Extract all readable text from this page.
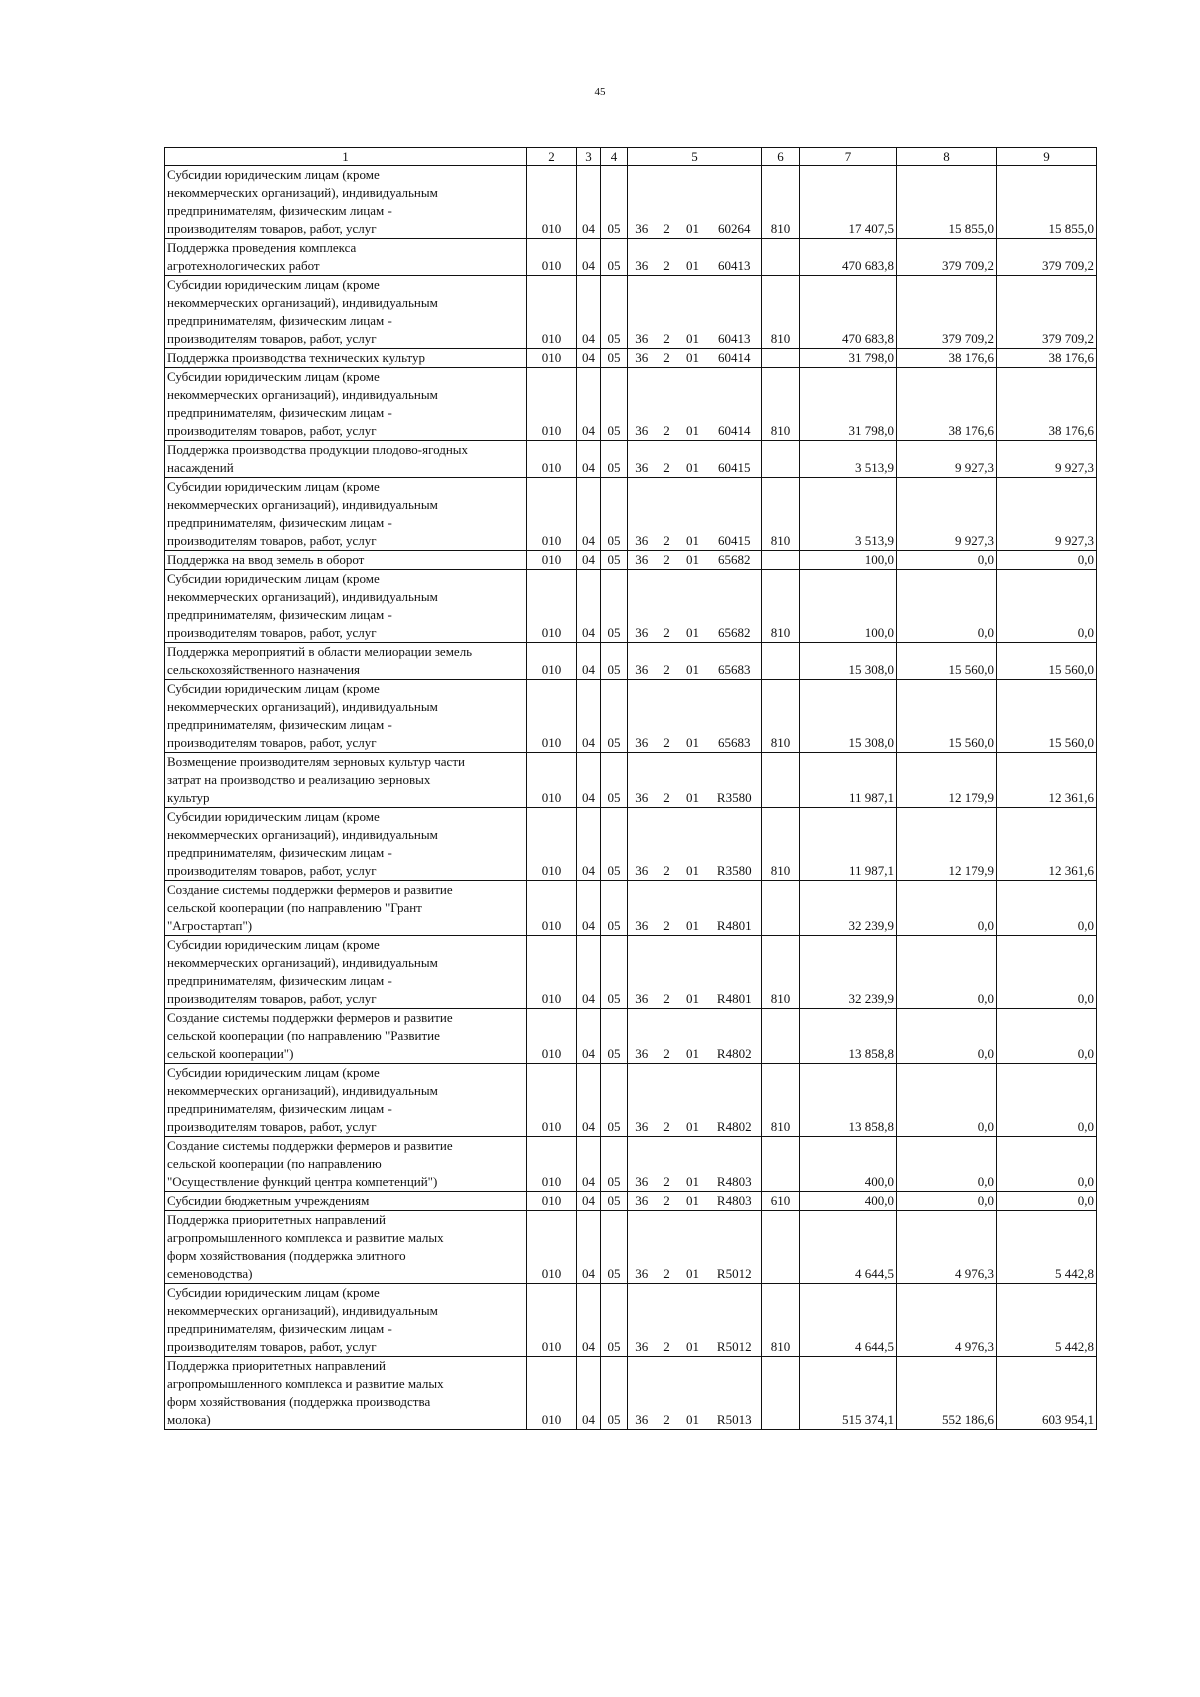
45
1	2	3	4	5				6	7	8	9

Субсидии юридическим лицам (кроме
некоммерческих организаций), индивидуальным
предпринимателям, физическим лицам -
производителям товаров, работ, услуг	010	04	05	36	2	01	60264	810	17 407,5	15 855,0	15 855,0

Поддержка проведения комплекса
агротехнологических работ	010	04	05	36	2	01	60413		470 683,8	379 709,2	379 709,2

Субсидии юридическим лицам (кроме
некоммерческих организаций), индивидуальным
предпринимателям, физическим лицам -
производителям товаров, работ, услуг	010	04	05	36	2	01	60413	810	470 683,8	379 709,2	379 709,2

Поддержка производства технических культур	010	04	05	36	2	01	60414		31 798,0	38 176,6	38 176,6

Субсидии юридическим лицам (кроме
некоммерческих организаций), индивидуальным
предпринимателям, физическим лицам -
производителям товаров, работ, услуг	010	04	05	36	2	01	60414	810	31 798,0	38 176,6	38 176,6

Поддержка производства продукции плодово-ягодных
насаждений	010	04	05	36	2	01	60415		3 513,9	9 927,3	9 927,3

Субсидии юридическим лицам (кроме
некоммерческих организаций), индивидуальным
предпринимателям, физическим лицам -
производителям товаров, работ, услуг	010	04	05	36	2	01	60415	810	3 513,9	9 927,3	9 927,3

Поддержка на ввод земель в оборот	010	04	05	36	2	01	65682		100,0	0,0	0,0

Субсидии юридическим лицам (кроме
некоммерческих организаций), индивидуальным
предпринимателям, физическим лицам -
производителям товаров, работ, услуг	010	04	05	36	2	01	65682	810	100,0	0,0	0,0

Поддержка мероприятий в области мелиорации земель
сельскохозяйственного назначения	010	04	05	36	2	01	65683		15 308,0	15 560,0	15 560,0

Субсидии юридическим лицам (кроме
некоммерческих организаций), индивидуальным
предпринимателям, физическим лицам -
производителям товаров, работ, услуг	010	04	05	36	2	01	65683	810	15 308,0	15 560,0	15 560,0

Возмещение производителям зерновых культур части
затрат на производство и реализацию зерновых
культур	010	04	05	36	2	01	R3580		11 987,1	12 179,9	12 361,6

Субсидии юридическим лицам (кроме
некоммерческих организаций), индивидуальным
предпринимателям, физическим лицам -
производителям товаров, работ, услуг	010	04	05	36	2	01	R3580	810	11 987,1	12 179,9	12 361,6

Создание системы поддержки фермеров и развитие
сельской кооперации (по направлению "Грант
"Агростартап")	010	04	05	36	2	01	R4801		32 239,9	0,0	0,0

Субсидии юридическим лицам (кроме
некоммерческих организаций), индивидуальным
предпринимателям, физическим лицам -
производителям товаров, работ, услуг	010	04	05	36	2	01	R4801	810	32 239,9	0,0	0,0

Создание системы поддержки фермеров и развитие
сельской кооперации (по направлению "Развитие
сельской кооперации")	010	04	05	36	2	01	R4802		13 858,8	0,0	0,0

Субсидии юридическим лицам (кроме
некоммерческих организаций), индивидуальным
предпринимателям, физическим лицам -
производителям товаров, работ, услуг	010	04	05	36	2	01	R4802	810	13 858,8	0,0	0,0

Создание системы поддержки фермеров и развитие
сельской кооперации (по направлению
"Осуществление функций центра компетенций")	010	04	05	36	2	01	R4803		400,0	0,0	0,0

Субсидии бюджетным учреждениям	010	04	05	36	2	01	R4803	610	400,0	0,0	0,0

Поддержка приоритетных направлений
агропромышленного комплекса и развитие малых
форм хозяйствования (поддержка элитного
семеноводства)	010	04	05	36	2	01	R5012		4 644,5	4 976,3	5 442,8

Субсидии юридическим лицам (кроме
некоммерческих организаций), индивидуальным
предпринимателям, физическим лицам -
производителям товаров, работ, услуг	010	04	05	36	2	01	R5012	810	4 644,5	4 976,3	5 442,8

Поддержка приоритетных направлений
агропромышленного комплекса и развитие малых
форм хозяйствования (поддержка производства
молока)	010	04	05	36	2	01	R5013		515 374,1	552 186,6	603 954,1
